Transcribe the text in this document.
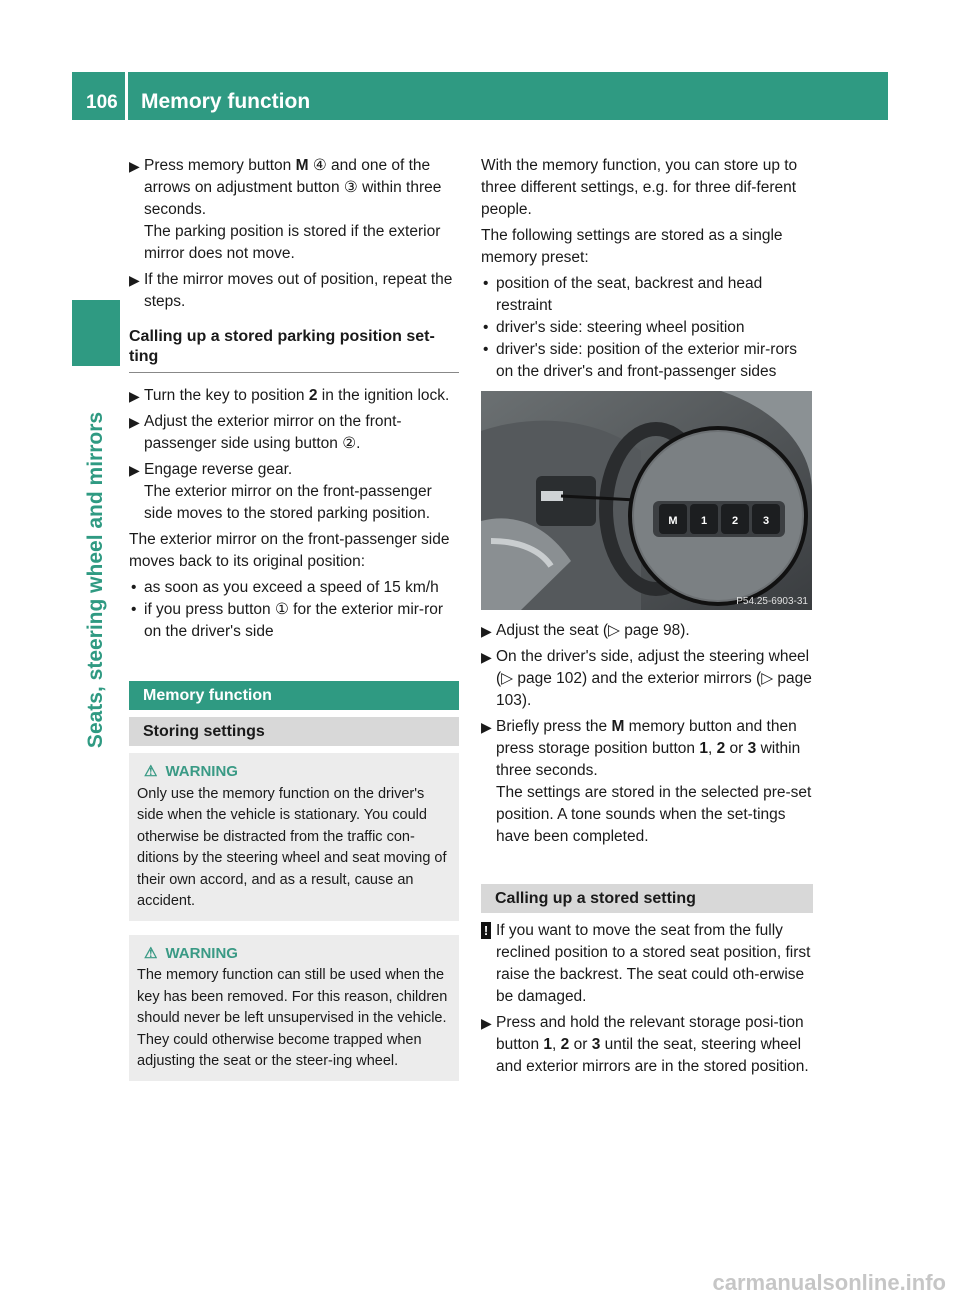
106 Memory function
Seats, steering wheel and mirrors
▶ Press memory button M ④ and one of the arrows on adjustment button ③ within three seconds.

The parking position is stored if the exterior mirror does not move.

▶ If the mirror moves out of position, repeat the steps.
Calling up a stored parking position set-ting
▶ Turn the key to position 2 in the ignition lock.
▶ Adjust the exterior mirror on the front-passenger side using button ②.
▶ Engage reverse gear.

The exterior mirror on the front-passenger side moves to the stored parking position.

The exterior mirror on the front-passenger side moves back to its original position:

• as soon as you exceed a speed of 15 km/h
• if you press button ① for the exterior mir-ror on the driver's side
Memory function
Storing settings
⚠ WARNING
Only use the memory function on the driver's side when the vehicle is stationary. You could otherwise be distracted from the traffic con-ditions by the steering wheel and seat moving of their own accord, and as a result, cause an accident.
⚠ WARNING
The memory function can still be used when the key has been removed. For this reason, children should never be left unsupervised in the vehicle. They could otherwise become trapped when adjusting the seat or the steer-ing wheel.

With the memory function, you can store up to three different settings, e.g. for three dif-ferent people.

The following settings are stored as a single memory preset:

• position of the seat, backrest and head restraint
• driver's side: steering wheel position
• driver's side: position of the exterior mir-rors on the driver's and front-passenger sides
M 1 2 3
P54.25-6903-31
▶ Adjust the seat (▷ page 98).
▶ On the driver's side, adjust the steering wheel (▷ page 102) and the exterior mirrors (▷ page 103).
▶ Briefly press the M memory button and then press storage position button 1, 2 or 3 within three seconds.

The settings are stored in the selected pre-set position. A tone sounds when the set-tings have been completed.

Calling up a stored setting
! If you want to move the seat from the fully reclined position to a stored seat position, first raise the backrest. The seat could oth-erwise be damaged.
▶ Press and hold the relevant storage posi-tion button 1, 2 or 3 until the seat, steering wheel and exterior mirrors are in the stored position.
carmanualsonline.info
